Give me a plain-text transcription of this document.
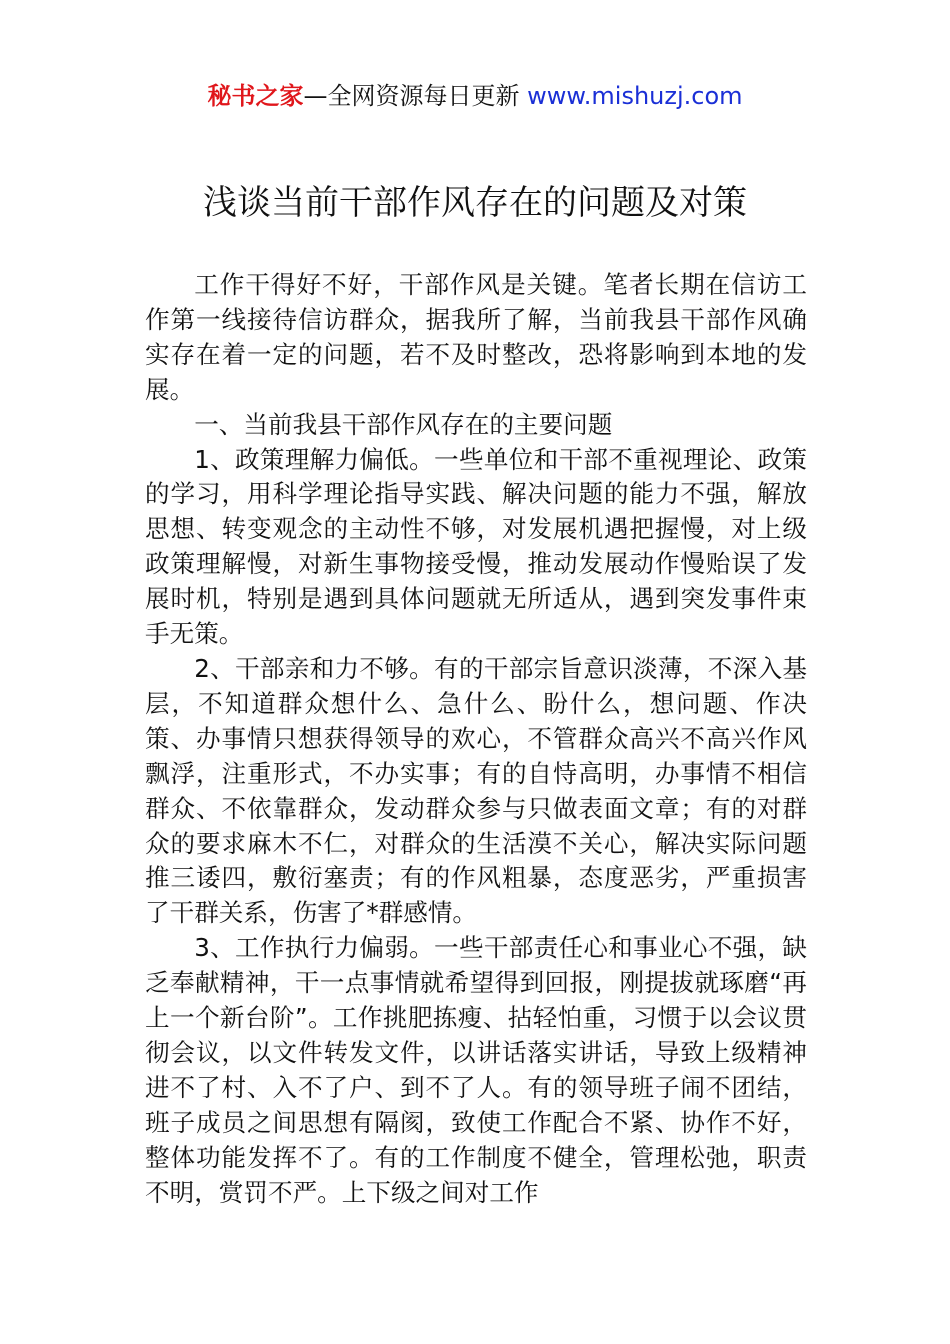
秘书之家—全网资源每日更新 www.mishuzj.com
浅谈当前干部作风存在的问题及对策

工作干得好不好，干部作风是关键。笔者长期在信访工作第一线接待信访群众，据我所了解，当前我县干部作风确实存在着一定的问题，若不及时整改，恐将影响到本地的发展。

一、当前我县干部作风存在的主要问题

1、政策理解力偏低。一些单位和干部不重视理论、政策的学习，用科学理论指导实践、解决问题的能力不强，解放思想、转变观念的主动性不够，对发展机遇把握慢，对上级政策理解慢，对新生事物接受慢，推动发展动作慢贻误了发展时机，特别是遇到具体问题就无所适从，遇到突发事件束手无策。

2、干部亲和力不够。有的干部宗旨意识淡薄，不深入基层，不知道群众想什么、急什么、盼什么，想问题、作决策、办事情只想获得领导的欢心，不管群众高兴不高兴作风飘浮，注重形式，不办实事；有的自恃高明，办事情不相信群众、不依靠群众，发动群众参与只做表面文章；有的对群众的要求麻木不仁，对群众的生活漠不关心，解决实际问题推三诿四，敷衍塞责；有的作风粗暴，态度恶劣，严重损害了干群关系，伤害了*群感情。

3、工作执行力偏弱。一些干部责任心和事业心不强，缺乏奉献精神，干一点事情就希望得到回报，刚提拔就琢磨“再上一个新台阶”。工作挑肥拣瘦、拈轻怕重，习惯于以会议贯彻会议，以文件转发文件，以讲话落实讲话，导致上级精神进不了村、入不了户、到不了人。有的领导班子闹不团结，班子成员之间思想有隔阂，致使工作配合不紧、协作不好，整体功能发挥不了。有的工作制度不健全，管理松弛，职责不明，赏罚不严。上下级之间对工作
